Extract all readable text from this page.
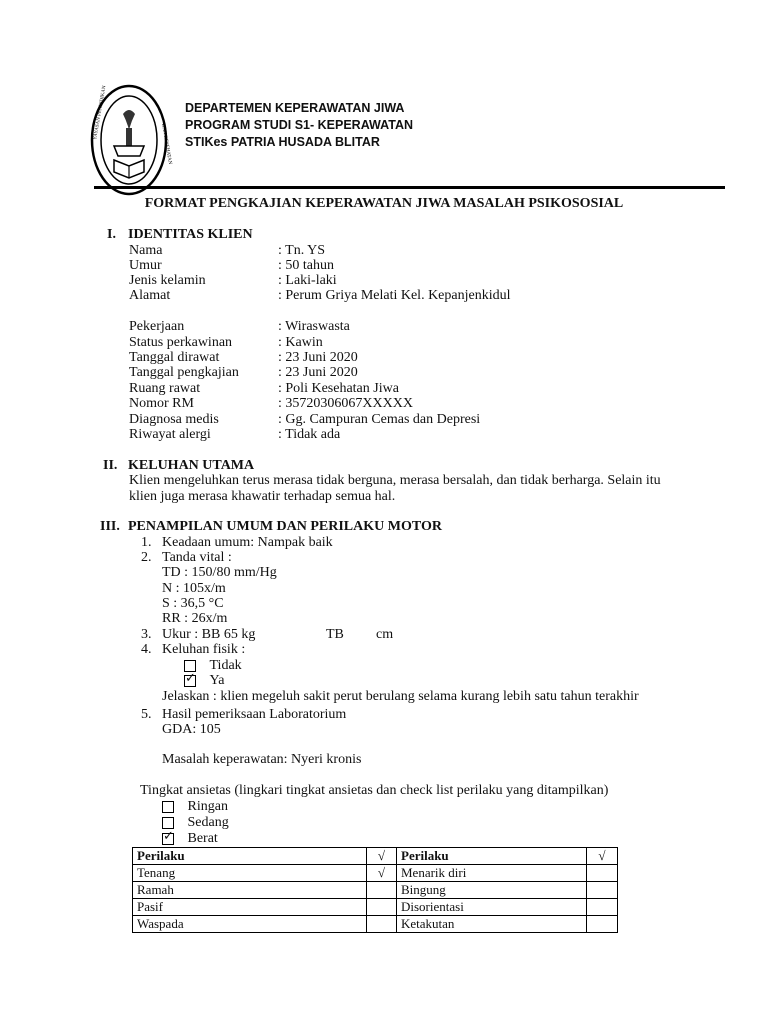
YAYASAN PENDIDIKAN
DAN KESEHATAN
DEPARTEMEN KEPERAWATAN JIWA
PROGRAM STUDI S1- KEPERAWATAN
STIKes PATRIA HUSADA BLITAR
FORMAT PENGKAJIAN KEPERAWATAN JIWA MASALAH PSIKOSOSIAL
I. IDENTITAS KLIEN
Nama	: Tn. YS
Umur	: 50 tahun
Jenis kelamin	: Laki-laki
Alamat	: Perum Griya Melati Kel. Kepanjenkidul
Pekerjaan	: Wiraswasta
Status perkawinan	: Kawin
Tanggal dirawat	: 23 Juni 2020
Tanggal pengkajian	: 23 Juni 2020
Ruang rawat	: Poli Kesehatan Jiwa
Nomor RM	: 35720306067XXXXX
Diagnosa medis	: Gg. Campuran Cemas dan Depresi
Riwayat alergi	: Tidak ada
II. KELUHAN UTAMA
Klien mengeluhkan terus merasa tidak berguna, merasa bersalah, dan tidak berharga. Selain itu
klien juga merasa khawatir terhadap semua hal.
III. PENAMPILAN UMUM DAN PERILAKU MOTOR
1. Keadaan umum: Nampak baik
2. Tanda vital :
TD : 150/80 mm/Hg
N : 105x/m
S : 36,5 °C
RR : 26x/m
3. Ukur : BB 65 kg	TB cm
4. Keluhan fisik :
Tidak
✓ Ya
Jelaskan : klien megeluh sakit perut berulang selama kurang lebih satu tahun terakhir
5. Hasil pemeriksaan Laboratorium
GDA: 105
Masalah keperawatan: Nyeri kronis
Tingkat ansietas (lingkari tingkat ansietas dan check list perilaku yang ditampilkan)
Ringan
Sedang
✓ Berat
Perilaku	√	Perilaku	√
Tenang	√	Menarik diri	
Ramah		Bingung	
Pasif		Disorientasi	
Waspada		Ketakutan	
